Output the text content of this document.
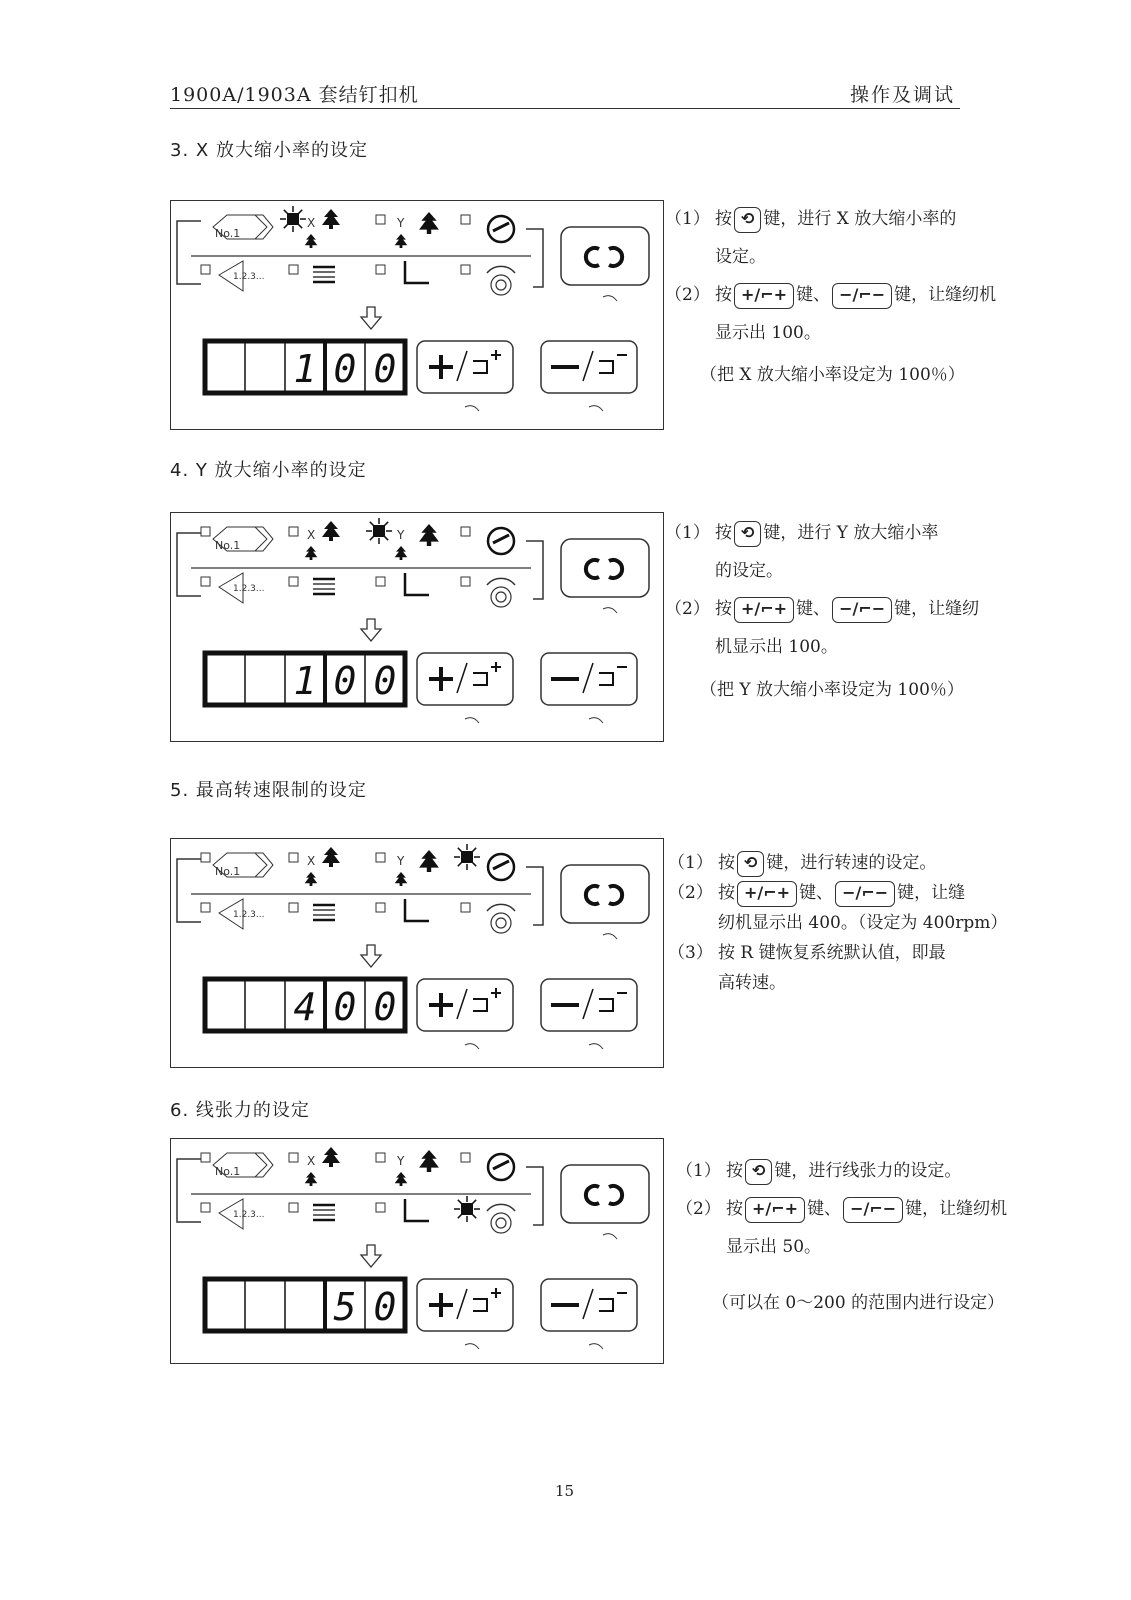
1900A/1903A 套结钉扣机	操作及调试
3. X 放大缩小率的设定
No.1
X	Y
1.2.3...
1 0 0
（1） 按 ⟲ 键，进行 X 放大缩小率的
设定。
（2） 按 +/⌐+ 键、 −/⌐− 键，让缝纫机
显示出 100。
（把 X 放大缩小率设定为 100％）
4. Y 放大缩小率的设定
No.1
X	Y
1.2.3...
1 0 0
（1） 按 ⟲ 键，进行 Y 放大缩小率
的设定。
（2） 按 +/⌐+ 键、 −/⌐− 键，让缝纫
机显示出 100。
（把 Y 放大缩小率设定为 100％）
5. 最高转速限制的设定
No.1
X	Y
1.2.3...
4 0 0
（1） 按 ⟲ 键，进行转速的设定。
（2） 按 +/⌐+ 键、 −/⌐− 键，让缝
纫机显示出 400。（设定为 400rpm）
（3） 按 R 键恢复系统默认值，即最
高转速。
6. 线张力的设定
No.1
X	Y
1.2.3...
5 0
（1） 按 ⟲ 键，进行线张力的设定。
（2） 按 +/⌐+ 键、 −/⌐− 键，让缝纫机
显示出 50。
（可以在 0～200 的范围内进行设定）
15
